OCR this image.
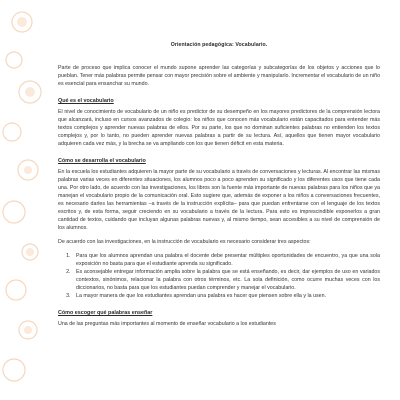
Orientación pedagógica: Vocabulario.

Parte de proceso que implica conocer el mundo supone aprender las categorías y subcategorías de los objetos y acciones que lo pueblan. Tener más palabras permite pensar con mayor precisión sobre el ambiente y manipularlo. Incrementar el vocabulario de un niño es esencial para ensanchar su mundo.

Qué es el vocabulario

El nivel de conocimiento de vocabulario de un niño es predictor de su desempeño en los mayores predictores de la comprensión lectora que alcanzará, incluso en cursos avanzados de colegio: los niños que conocen más vocabulario están capacitados para entender más textos complejos y aprender nuevas palabras de ellos. Por su parte, los que no dominan suficientes palabras no entienden los textos complejos y, por lo tanto, no pueden aprender nuevas palabras a partir de su lectura. Así, aquellos que tienen mayor vocabulario adquieren cada vez más, y la brecha se va ampliando con los que tienen déficit en esta materia.

Cómo se desarrolla el vocabulario

En la escuela los estudiantes adquieren la mayor parte de su vocabulario a través de conversaciones y lecturas. Al encontrar las mismas palabras varias veces en diferentes situaciones, los alumnos poco a poco aprenden su significado y los diferentes usos que tiene cada una. Por otro lado, de acuerdo con las investigaciones, los libros son la fuente más importante de nuevas palabras para los niños que ya manejan el vocabulario propio de la comunicación oral. Esto sugiere que, además de exponer a los niños a conversaciones frecuentes, es necesario darles las herramientas –a través de la instrucción explícita– para que puedan enfrentarse con el lenguaje de los textos escritos y, de esta forma, seguir creciendo en su vocabulario a través de la lectura. Para esto es imprescindible exponerlos a gran cantidad de textos, cuidando que incluyan algunas palabras nuevas y, al mismo tiempo, sean accesibles a su nivel de comprensión de los alumnos.

De acuerdo con las investigaciones, en la instrucción de vocabulario es necesario considerar tres aspectos:

1. Para que los alumnos aprendan una palabra el docente debe presentar múltiples oportunidades de encuentro, ya que una sola exposición no basta para que el estudiante aprenda su significado.
2. Es aconsejable entregar información amplia sobre la palabra que se está enseñando, es decir, dar ejemplos de uso en variados contextos, sinónimos, relacionar la palabra con otros términos, etc. La sola definición, como ocurre muchas veces con los diccionarios, no basta para que los estudiantes puedan comprender y manejar el vocabulario.
3. La mayor manera de que los estudiantes aprendan una palabra es hacer que piensen sobre ella y la usen.
Cómo escoger qué palabras enseñar

Una de las preguntas más importantes al momento de enseñar vocabulario a los estudiantes
